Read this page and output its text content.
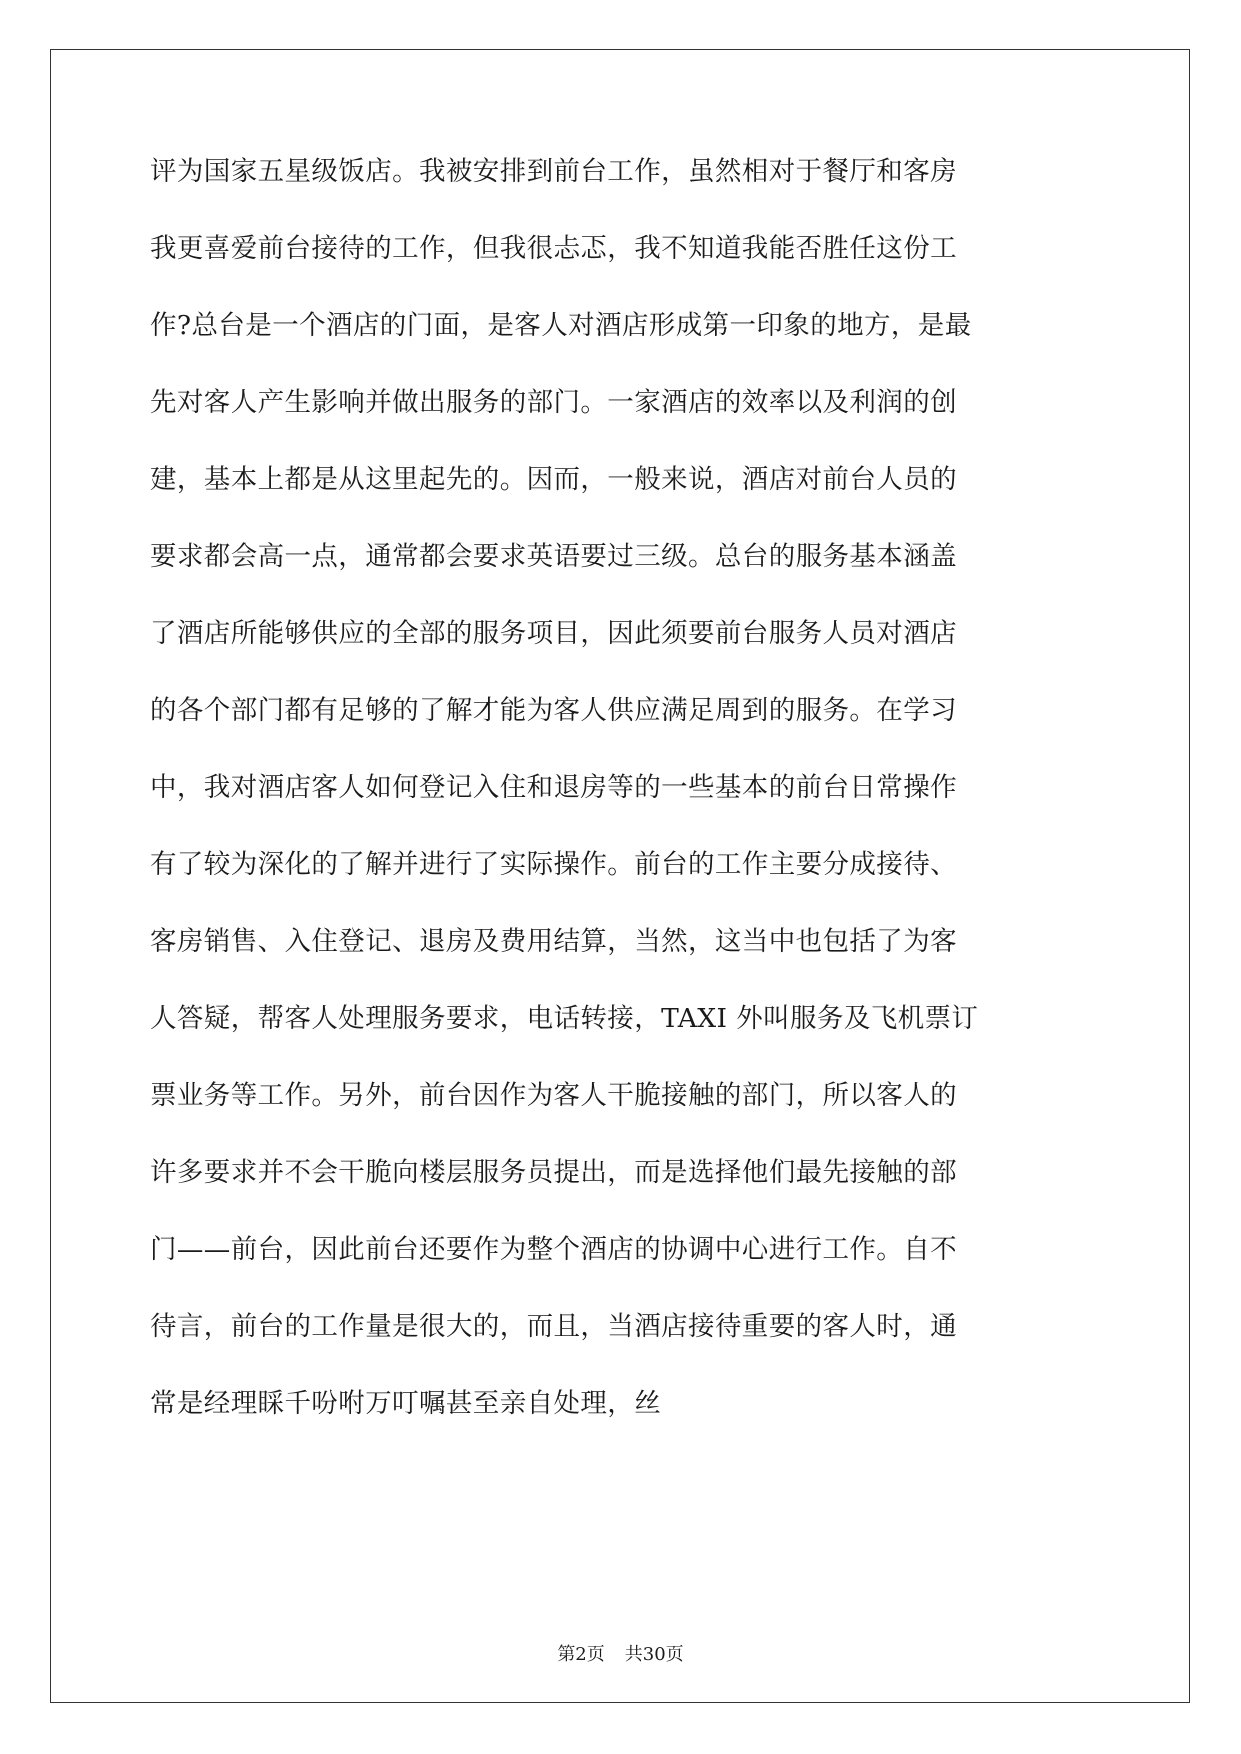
评为国家五星级饭店。我被安排到前台工作，虽然相对于餐厅和客房
我更喜爱前台接待的工作，但我很忐忑，我不知道我能否胜任这份工
作?总台是一个酒店的门面，是客人对酒店形成第一印象的地方，是最
先对客人产生影响并做出服务的部门。一家酒店的效率以及利润的创
建，基本上都是从这里起先的。因而，一般来说，酒店对前台人员的
要求都会高一点，通常都会要求英语要过三级。总台的服务基本涵盖
了酒店所能够供应的全部的服务项目，因此须要前台服务人员对酒店
的各个部门都有足够的了解才能为客人供应满足周到的服务。在学习
中，我对酒店客人如何登记入住和退房等的一些基本的前台日常操作
有了较为深化的了解并进行了实际操作。前台的工作主要分成接待、
客房销售、入住登记、退房及费用结算，当然，这当中也包括了为客
人答疑，帮客人处理服务要求，电话转接，TAXI 外叫服务及飞机票订
票业务等工作。另外，前台因作为客人干脆接触的部门，所以客人的
许多要求并不会干脆向楼层服务员提出，而是选择他们最先接触的部
门——前台，因此前台还要作为整个酒店的协调中心进行工作。自不
待言，前台的工作量是很大的，而且，当酒店接待重要的客人时，通
常是经理睬千吩咐万叮嘱甚至亲自处理，丝
第2页 共30页
